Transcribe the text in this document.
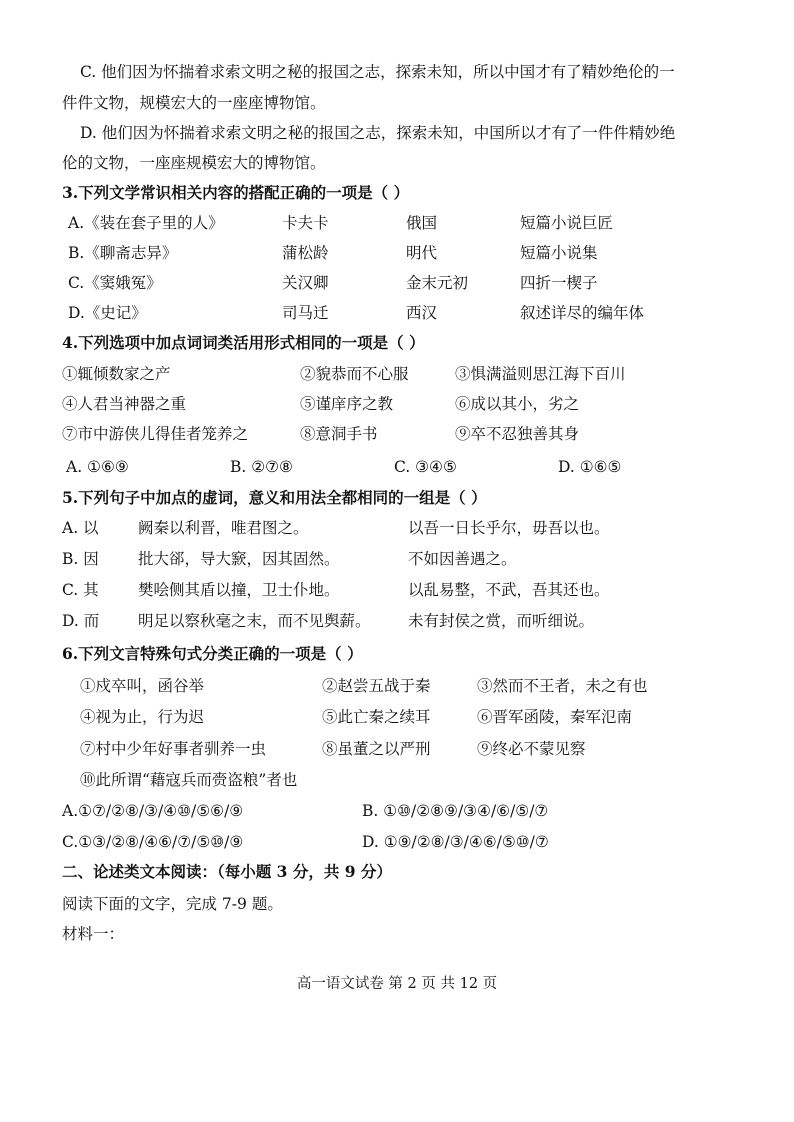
C. 他们因为怀揣着求索文明之秘的报国之志，探索未知，所以中国才有了精妙绝伦的一
件件文物，规模宏大的一座座博物馆。
D. 他们因为怀揣着求索文明之秘的报国之志，探索未知，中国所以才有了一件件精妙绝
伦的文物，一座座规模宏大的博物馆。
3.下列文学常识相关内容的搭配正确的一项是（ ）
A.《装在套子里的人》	卡夫卡	俄国	短篇小说巨匠
B.《聊斋志异》	蒲松龄	明代	短篇小说集
C.《窦娥冤》	关汉卿	金末元初	四折一楔子
D.《史记》	司马迁	西汉	叙述详尽的编年体
4.下列选项中加点词词类活用形式相同的一项是（ ）
①辄倾数家之产	②貌恭而不心服	③惧满溢则思江海下百川
④人君当神器之重	⑤谨庠序之教	⑥成以其小，劣之
⑦市中游侠儿得佳者笼养之	⑧意洞手书	⑨卒不忍独善其身
A. ①⑥⑨	B. ②⑦⑧	C. ③④⑤	D. ①⑥⑤
5.下列句子中加点的虚词，意义和用法全都相同的一组是（ ）
A. 以	阙秦以利晋，唯君图之。	以吾一日长乎尔，毋吾以也。
B. 因	批大郤，导大窾，因其固然。	不如因善遇之。
C. 其	樊哙侧其盾以撞，卫士仆地。	以乱易整，不武，吾其还也。
D. 而	明足以察秋毫之末，而不见舆薪。	未有封侯之赏，而听细说。
6.下列文言特殊句式分类正确的一项是（ ）
①戍卒叫，函谷举	②赵尝五战于秦	③然而不王者，未之有也
④视为止，行为迟	⑤此亡秦之续耳	⑥晋军函陵，秦军氾南
⑦村中少年好事者驯养一虫	⑧虽董之以严刑	⑨终必不蒙见察
⑩此所谓“藉寇兵而赍盗粮”者也
A.①⑦/②⑧/③/④⑩/⑤⑥/⑨	B. ①⑩/②⑧⑨/③④/⑥/⑤/⑦
C.①③/②⑧/④⑥/⑦/⑤⑩/⑨	D. ①⑨/②⑧/③/④⑥/⑤⑩/⑦
二、论述类文本阅读：（每小题 3 分，共 9 分）
阅读下面的文字，完成 7-9 题。
材料一：
高一语文试卷 第 2 页 共 12 页
